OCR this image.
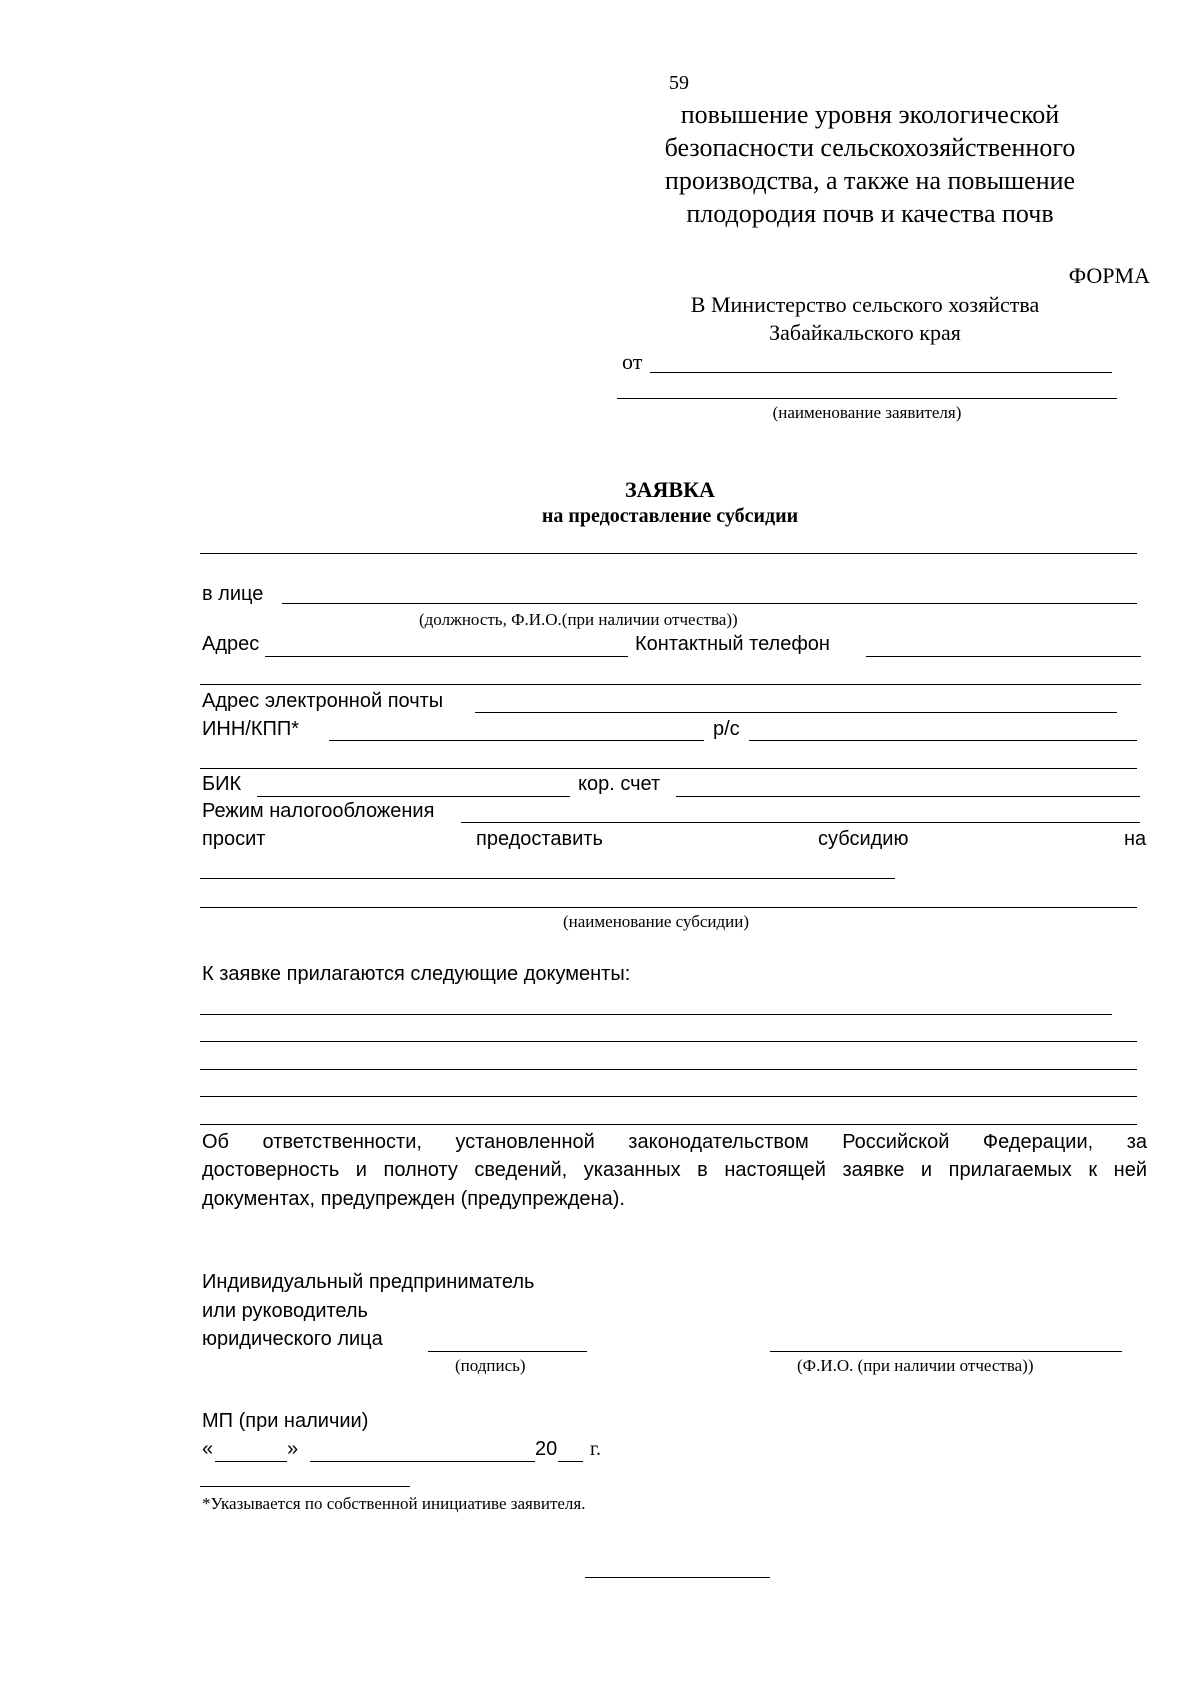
59
повышение уровня экологической
безопасности сельскохозяйственного
производства, а также на повышение
плодородия почв и качества почв
ФОРМА
В Министерство сельского хозяйства
Забайкальского края
от
(наименование заявителя)
ЗАЯВКА
на предоставление субсидии
в лице
(должность, Ф.И.О.(при наличии отчества))
Адрес	Контактный телефон
Адрес электронной почты
ИНН/КПП*	р/с
БИК	кор. счет
Режим налогообложения
просит	предоставить	субсидию	на
(наименование субсидии)
К заявке прилагаются следующие документы:
Об ответственности, установленной законодательством Российской Федерации, за
достоверность и полноту сведений, указанных в настоящей заявке и прилагаемых к ней
документах, предупрежден (предупреждена).
Индивидуальный предприниматель
или руководитель
юридического лица
(подпись)	(Ф.И.О. (при наличии отчества))
МП (при наличии)
«	»	20 г.
*Указывается по собственной инициативе заявителя.
